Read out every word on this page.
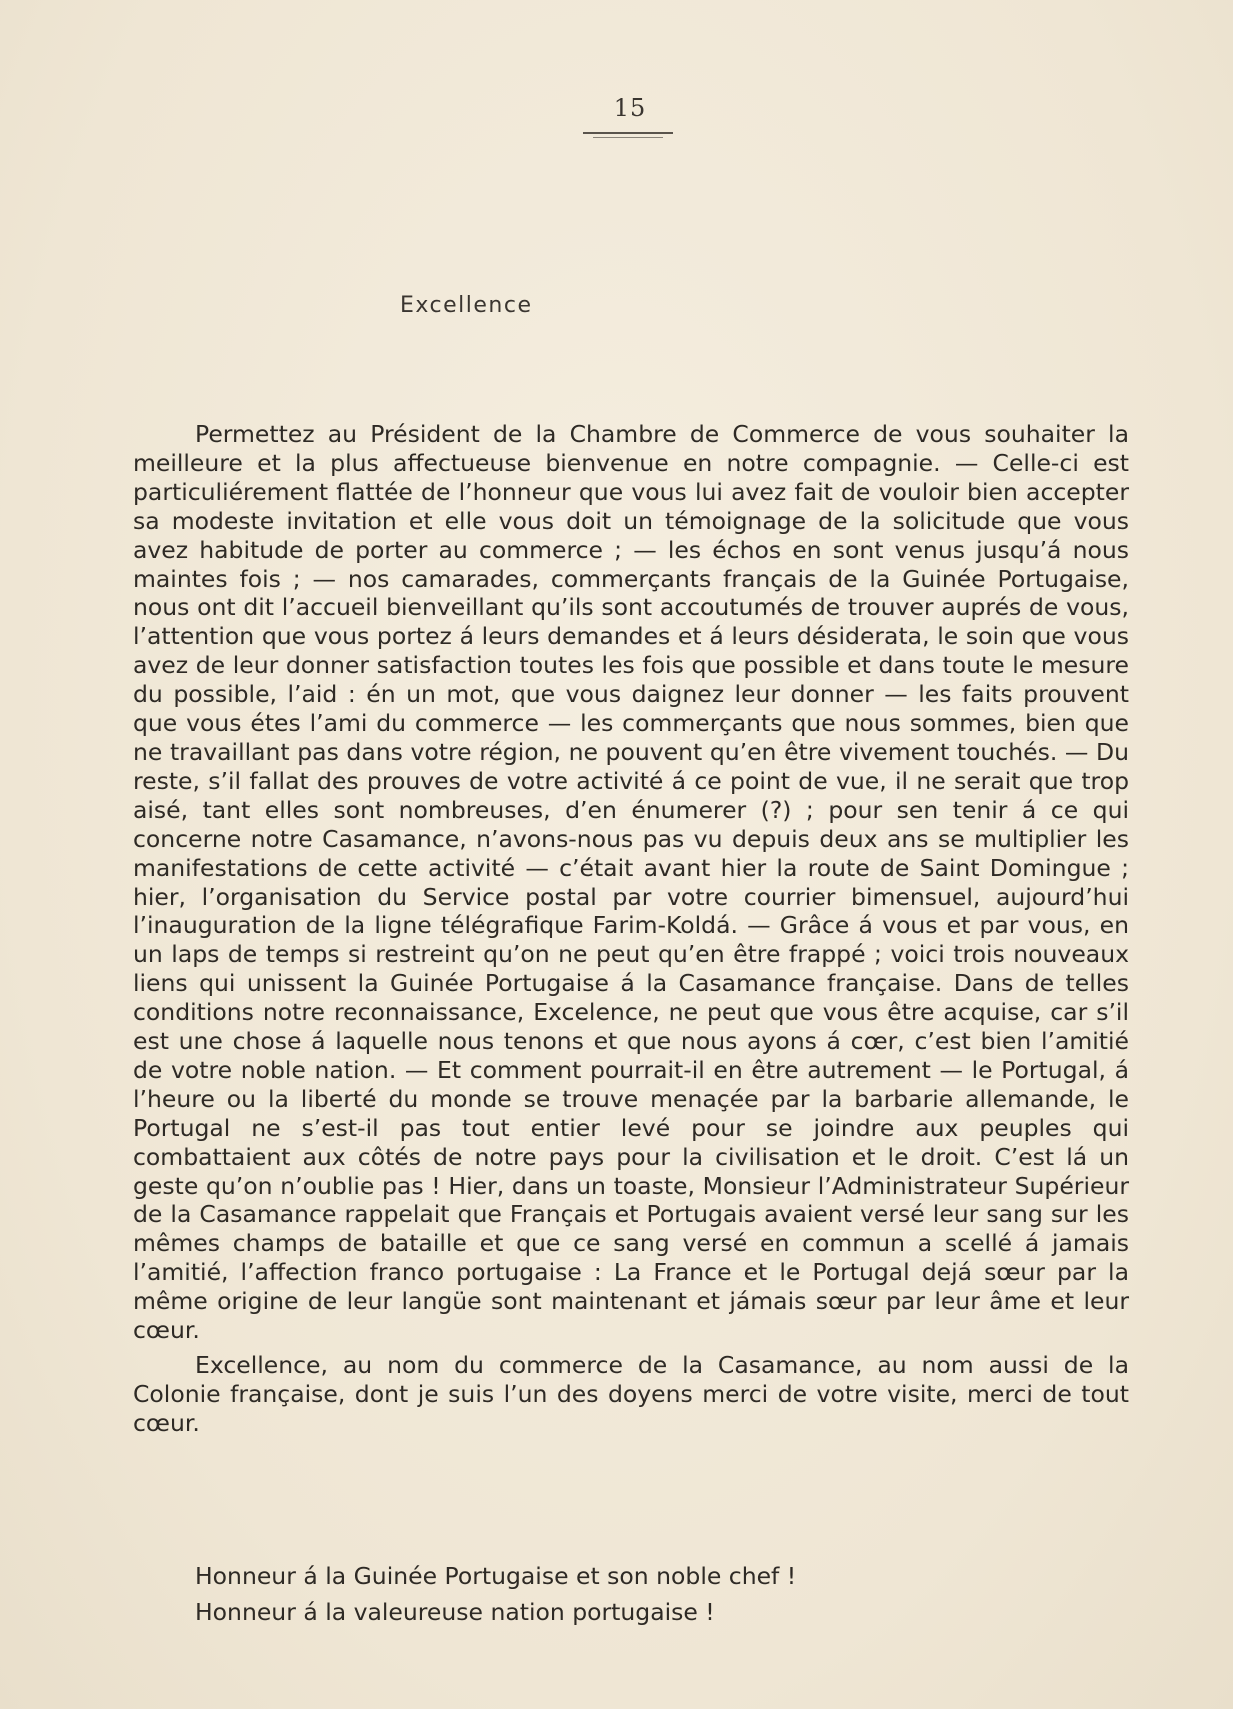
15
Excellence

Permettez au Président de la Chambre de Commerce de vous souhaiter la meilleure et la plus affectueuse bienvenue en notre compagnie. — Celle-ci est particuliérement flattée de l’honneur que vous lui avez fait de vouloir bien accepter sa modeste invitation et elle vous doit un témoignage de la solicitude que vous avez habitude de porter au commerce ; — les échos en sont venus jusqu’á nous maintes fois ; — nos camarades, commerçants français de la Guinée Portugaise, nous ont dit l’accueil bienveillant qu’ils sont accoutumés de trouver auprés de vous, l’attention que vous portez á leurs demandes et á leurs désiderata, le soin que vous avez de leur donner satisfaction toutes les fois que possible et dans toute le mesure du possible, l’aid : én un mot, que vous daignez leur donner — les faits prouvent que vous étes l’ami du commerce — les commerçants que nous sommes, bien que ne travaillant pas dans votre région, ne pouvent qu’en être vivement touchés. — Du reste, s’il fallat des prouves de votre activité á ce point de vue, il ne serait que trop aisé, tant elles sont nombreuses, d’en énumerer (?) ; pour sen tenir á ce qui concerne notre Casamance, n’avons-nous pas vu depuis deux ans se multiplier les manifestations de cette activité — c’était avant hier la route de Saint Domingue ; hier, l’organisation du Service postal par votre courrier bimensuel, aujourd’hui l’inauguration de la ligne télégrafique Farim-Koldá. — Grâce á vous et par vous, en un laps de temps si restreint qu’on ne peut qu’en être frappé ; voici trois nouveaux liens qui unissent la Guinée Portugaise á la Casamance française. Dans de telles conditions notre reconnaissance, Excelence, ne peut que vous être acquise, car s’il est une chose á laquelle nous tenons et que nous ayons á cœr, c’est bien l’amitié de votre noble nation. — Et comment pourrait-il en être autrement — le Portugal, á l’heure ou la liberté du monde se trouve menaçée par la barbarie allemande, le Portugal ne s’est-il pas tout entier levé pour se joindre aux peuples qui combattaient aux côtés de notre pays pour la civilisation et le droit. C’est lá un geste qu’on n’oublie pas ! Hier, dans un toaste, Monsieur l’Administrateur Supérieur de la Casamance rappelait que Français et Portugais avaient versé leur sang sur les mêmes champs de bataille et que ce sang versé en commun a scellé á jamais l’amitié, l’affection franco portugaise : La France et le Portugal dejá sœur par la même origine de leur langüe sont maintenant et jámais sœur par leur âme et leur cœur.

Excellence, au nom du commerce de la Casamance, au nom aussi de la Colonie française, dont je suis l’un des doyens merci de votre visite, merci de tout cœur.

Honneur á la Guinée Portugaise et son noble chef !
Honneur á la valeureuse nation portugaise !
